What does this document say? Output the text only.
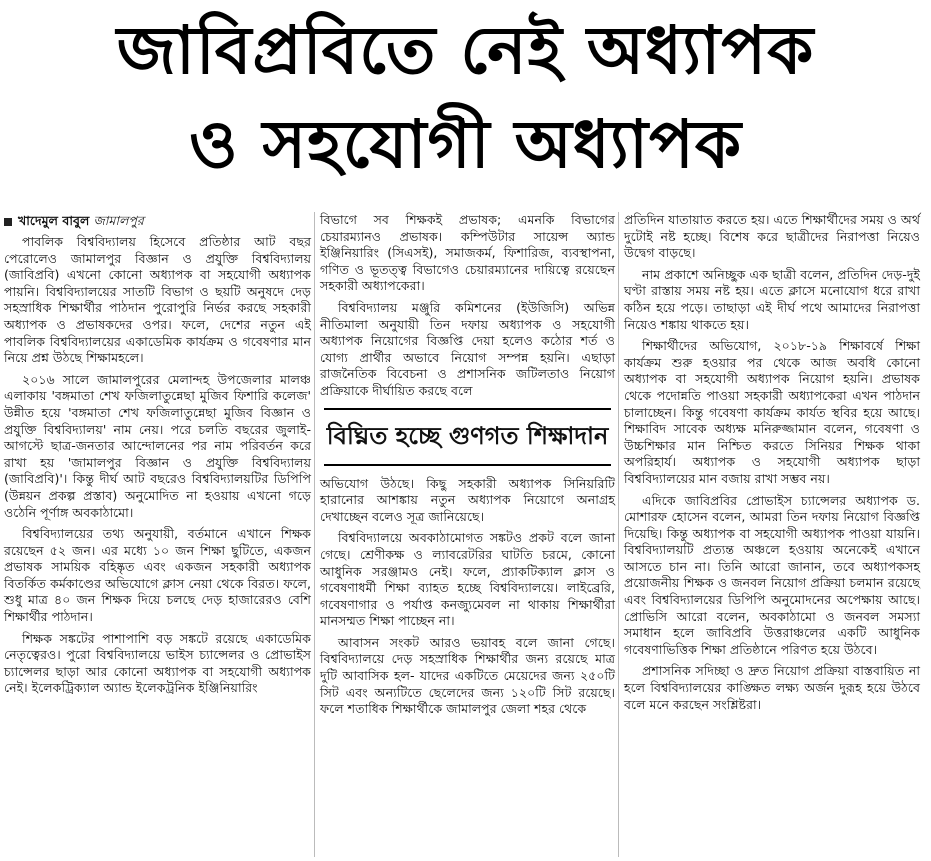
জাবিপ্রবিতে নেই অধ্যাপক
ও সহযোগী অধ্যাপক
খাদেমুল বাবুল জামালপুর

পাবলিক বিশ্ববিদ্যালয় হিসেবে প্রতিষ্ঠার আট বছর পেরোলেও জামালপুর বিজ্ঞান ও প্রযুক্তি বিশ্ববিদ্যালয় (জাবিপ্রবি) এখনো কোনো অধ্যাপক বা সহযোগী অধ্যাপক পায়নি। বিশ্ববিদ্যালয়ের সাতটি বিভাগ ও ছয়টি অনুষদে দেড় সহস্রাধিক শিক্ষার্থীর পাঠদান পুরোপুরি নির্ভর করছে সহকারী অধ্যাপক ও প্রভাষকদের ওপর। ফলে, দেশের নতুন এই পাবলিক বিশ্ববিদ্যালয়ের একাডেমিক কার্যক্রম ও গবেষণার মান নিয়ে প্রশ্ন উঠছে শিক্ষামহলে।

২০১৬ সালে জামালপুরের মেলান্দহ উপজেলার মালঞ্চ এলাকায় 'বঙ্গমাতা শেখ ফজিলাতুন্নেছা মুজিব ফিশারি কলেজ' উন্নীত হয়ে 'বঙ্গমাতা শেখ ফজিলাতুন্নেছা মুজিব বিজ্ঞান ও প্রযুক্তি বিশ্ববিদ্যালয়' নাম নেয়। পরে চলতি বছরের জুলাই-আগস্টে ছাত্র-জনতার আন্দোলনের পর নাম পরিবর্তন করে রাখা হয় 'জামালপুর বিজ্ঞান ও প্রযুক্তি বিশ্ববিদ্যালয় (জাবিপ্রবি)'। কিন্তু দীর্ঘ আট বছরেও বিশ্ববিদ্যালয়টির ডিপিপি (উন্নয়ন প্রকল্প প্রস্তাব) অনুমোদিত না হওয়ায় এখনো গড়ে ওঠেনি পূর্ণাঙ্গ অবকাঠামো।

বিশ্ববিদ্যালয়ের তথ্য অনুযায়ী, বর্তমানে এখানে শিক্ষক রয়েছেন ৫২ জন। এর মধ্যে ১০ জন শিক্ষা ছুটিতে, একজন প্রভাষক সাময়িক বহিষ্কৃত এবং একজন সহকারী অধ্যাপক বিতর্কিত কর্মকাণ্ডের অভিযোগে ক্লাস নেয়া থেকে বিরত। ফলে, শুধু মাত্র ৪০ জন শিক্ষক দিয়ে চলছে দেড় হাজারেরও বেশি শিক্ষার্থীর পাঠদান।

শিক্ষক সঙ্কটের পাশাপাশি বড় সঙ্কটে রয়েছে একাডেমিক নেতৃত্বেরও। পুরো বিশ্ববিদ্যালয়ে ভাইস চ্যান্সেলর ও প্রোভাইস চ্যান্সেলর ছাড়া আর কোনো অধ্যাপক বা সহযোগী অধ্যাপক নেই। ইলেকট্রিক্যাল অ্যান্ড ইলেকট্রনিক ইঞ্জিনিয়ারিং

বিভাগে সব শিক্ষকই প্রভাষক; এমনকি বিভাগের চেয়ারম্যানও প্রভাষক। কম্পিউটার সায়েন্স অ্যান্ড ইঞ্জিনিয়ারিং (সিএসই), সমাজকর্ম, ফিশারিজ, ব্যবস্থাপনা, গণিত ও ভূতত্ত্ব বিভাগেও চেয়ারম্যানের দায়িত্বে রয়েছেন সহকারী অধ্যাপকেরা।

বিশ্ববিদ্যালয় মঞ্জুরি কমিশনের (ইউজিসি) অভিন্ন নীতিমালা অনুযায়ী তিন দফায় অধ্যাপক ও সহযোগী অধ্যাপক নিয়োগের বিজ্ঞপ্তি দেয়া হলেও কঠোর শর্ত ও যোগ্য প্রার্থীর অভাবে নিয়োগ সম্পন্ন হয়নি। এছাড়া রাজনৈতিক বিবেচনা ও প্রশাসনিক জটিলতাও নিয়োগ প্রক্রিয়াকে দীর্ঘায়িত করছে বলে

বিঘ্নিত হচ্ছে গুণগত শিক্ষাদান

অভিযোগ উঠছে। কিছু সহকারী অধ্যাপক সিনিয়রিটি হারানোর আশঙ্কায় নতুন অধ্যাপক নিয়োগে অনাগ্রহ দেখাচ্ছেন বলেও সূত্র জানিয়েছে।

বিশ্ববিদ্যালয়ে অবকাঠামোগত সঙ্কটও প্রকট বলে জানা গেছে। শ্রেণীকক্ষ ও ল্যাবরেটরির ঘাটতি চরমে, কোনো আধুনিক সরঞ্জামও নেই। ফলে, প্র্যাকটিক্যাল ক্লাস ও গবেষণাধর্মী শিক্ষা ব্যাহত হচ্ছে বিশ্ববিদ্যালয়ে। লাইব্রেরি, গবেষণাগার ও পর্যাপ্ত কনজ্যুমেবল না থাকায় শিক্ষার্থীরা মানসম্মত শিক্ষা পাচ্ছেন না।

আবাসন সংকট আরও ভয়াবহ বলে জানা গেছে। বিশ্ববিদ্যালয়ে দেড় সহস্রাধিক শিক্ষার্থীর জন্য রয়েছে মাত্র দুটি আবাসিক হল- যাদের একটিতে মেয়েদের জন্য ২৫০টি সিট এবং অন্যটিতে ছেলেদের জন্য ১২০টি সিট রয়েছে। ফলে শতাধিক শিক্ষার্থীকে জামালপুর জেলা শহর থেকে

প্রতিদিন যাতায়াত করতে হয়। এতে শিক্ষার্থীদের সময় ও অর্থ দুটোই নষ্ট হচ্ছে। বিশেষ করে ছাত্রীদের নিরাপত্তা নিয়েও উদ্বেগ বাড়ছে।

নাম প্রকাশে অনিচ্ছুক এক ছাত্রী বলেন, প্রতিদিন দেড়-দুই ঘণ্টা রাস্তায় সময় নষ্ট হয়। এতে ক্লাসে মনোযোগ ধরে রাখা কঠিন হয়ে পড়ে। তাছাড়া এই দীর্ঘ পথে আমাদের নিরাপত্তা নিয়েও শঙ্কায় থাকতে হয়।

শিক্ষার্থীদের অভিযোগ, ২০১৮-১৯ শিক্ষাবর্ষে শিক্ষা কার্যক্রম শুরু হওয়ার পর থেকে আজ অবধি কোনো অধ্যাপক বা সহযোগী অধ্যাপক নিয়োগ হয়নি। প্রভাষক থেকে পদোন্নতি পাওয়া সহকারী অধ্যাপকেরা এখন পাঠদান চালাচ্ছেন। কিন্তু গবেষণা কার্যক্রম কার্যত স্থবির হয়ে আছে। শিক্ষাবিদ সাবেক অধ্যক্ষ মনিরুজ্জামান বলেন, গবেষণা ও উচ্চশিক্ষার মান নিশ্চিত করতে সিনিয়র শিক্ষক থাকা অপরিহার্য। অধ্যাপক ও সহযোগী অধ্যাপক ছাড়া বিশ্ববিদ্যালয়ের মান বজায় রাখা সম্ভব নয়।

এদিকে জাবিপ্রবির প্রোভাইস চ্যান্সেলর অধ্যাপক ড. মোশারফ হোসেন বলেন, আমরা তিন দফায় নিয়োগ বিজ্ঞপ্তি দিয়েছি। কিন্তু অধ্যাপক বা সহযোগী অধ্যাপক পাওয়া যায়নি। বিশ্ববিদ্যালয়টি প্রত্যন্ত অঞ্চলে হওয়ায় অনেকেই এখানে আসতে চান না। তিনি আরো জানান, তবে অধ্যাপকসহ প্রয়োজনীয় শিক্ষক ও জনবল নিয়োগ প্রক্রিয়া চলমান রয়েছে এবং বিশ্ববিদ্যালয়ের ডিপিপি অনুমোদনের অপেক্ষায় আছে। প্রোভিসি আরো বলেন, অবকাঠামো ও জনবল সমস্যা সমাধান হলে জাবিপ্রবি উত্তরাঞ্চলের একটি আধুনিক গবেষণাভিত্তিক শিক্ষা প্রতিষ্ঠানে পরিণত হয়ে উঠবে।

প্রশাসনিক সদিচ্ছা ও দ্রুত নিয়োগ প্রক্রিয়া বাস্তবায়িত না হলে বিশ্ববিদ্যালয়ের কাঙ্ক্ষিত লক্ষ্য অর্জন দুরূহ হয়ে উঠবে বলে মনে করছেন সংশ্লিষ্টরা।
